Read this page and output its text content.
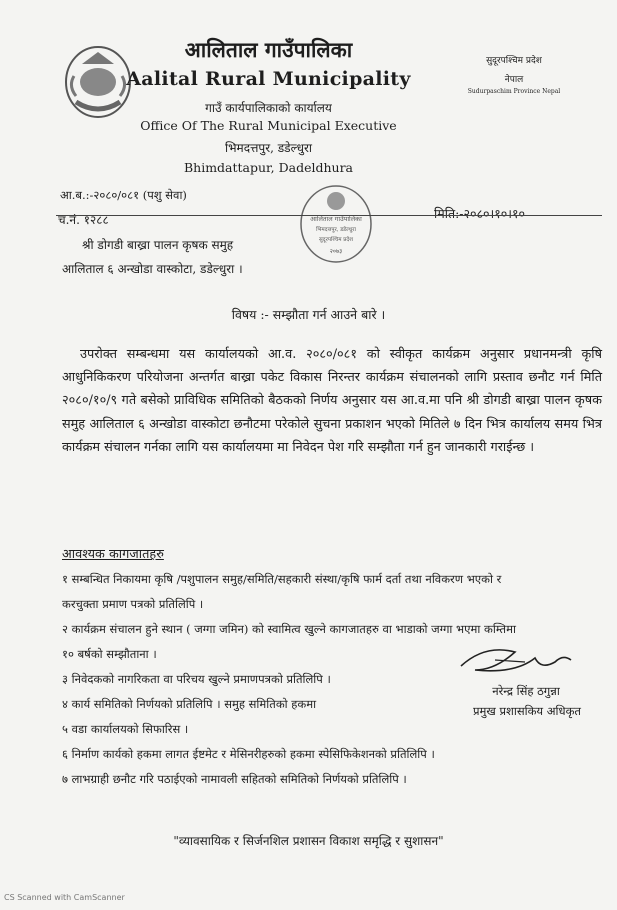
आलिताल गाउँपालिका
Aalital Rural Municipality
गाउँ कार्यपालिकाको कार्यालय
Office Of The Rural Municipal Executive
भिमदत्तपुर, डडेल्धुरा
Bhimdattapur, Dadeldhura
सुदूरपश्चिम प्रदेश
नेपाल
Sudurpaschim Province Nepal
आ.ब.:-२०८०/०८१ (पशु सेवा)
च.नं. १२८८	आलिताल गाउँपालिका
भिमदत्तपुर, डडेल्धुरा
सुदूरपश्चिम प्रदेश
२०७३
मिति:-२०८०।१०।१०
श्री डोगडी बाख्रा पालन कृषक समुह
आलिताल ६ अन्खोडा वास्कोटा, डडेल्धुरा ।
विषय :- सम्झौता गर्न आउने बारे ।
उपरोक्त सम्बन्धमा यस कार्यालयको आ.व. २०८०/०८१ को स्वीकृत कार्यक्रम अनुसार प्रधानमन्त्री कृषि आधुनिकिकरण परियोजना अन्तर्गत बाख्रा पकेट विकास निरन्तर कार्यक्रम संचालनको लागि प्रस्ताव छनौट गर्न मिति २०८०/१०/९ गते बसेको प्राविधिक समितिको बैठकको निर्णय अनुसार यस आ.व.मा पनि श्री डोगडी बाख्रा पालन कृषक समुह आलिताल ६ अन्खोडा वास्कोटा छनौटमा परेकोले सुचना प्रकाशन भएको मितिले ७ दिन भित्र कार्यालय समय भित्र कार्यक्रम संचालन गर्नका लागि यस कार्यालयमा मा निवेदन पेश गरि सम्झौता गर्न हुन जानकारी गराईन्छ ।
आवश्यक कागजातहरु
१ सम्बन्धित निकायमा कृषि /पशुपालन समुह/समिति/सहकारी संस्था/कृषि फार्म दर्ता तथा नविकरण भएको र
करचुक्ता प्रमाण पत्रको प्रतिलिपि ।
२ कार्यक्रम संचालन हुने स्थान ( जग्गा जमिन) को स्वामित्व खुल्ने कागजातहरु वा भाडाको जग्गा भएमा कम्तिमा
१० बर्षको सम्झौताना ।
३ निवेदकको नागरिकता वा परिचय खुल्ने प्रमाणपत्रको प्रतिलिपि ।
४ कार्य समितिको निर्णयको प्रतिलिपि । समुह समितिको हकमा
५ वडा कार्यालयको सिफारिस ।
६ निर्माण कार्यको हकमा लागत ईष्टमेट र मेसिनरीहरुको हकमा स्पेसिफिकेशनको प्रतिलिपि ।
७ लाभग्राही छनौट गरि पठाईएको नामावली सहितको समितिको निर्णयको प्रतिलिपि ।
नरेन्द्र सिंह ठगुन्ना
प्रमुख प्रशासकिय अधिकृत
"व्यावसायिक र सिर्जनशिल प्रशासन विकाश समृद्धि र सुशासन"
CS Scanned with CamScanner
